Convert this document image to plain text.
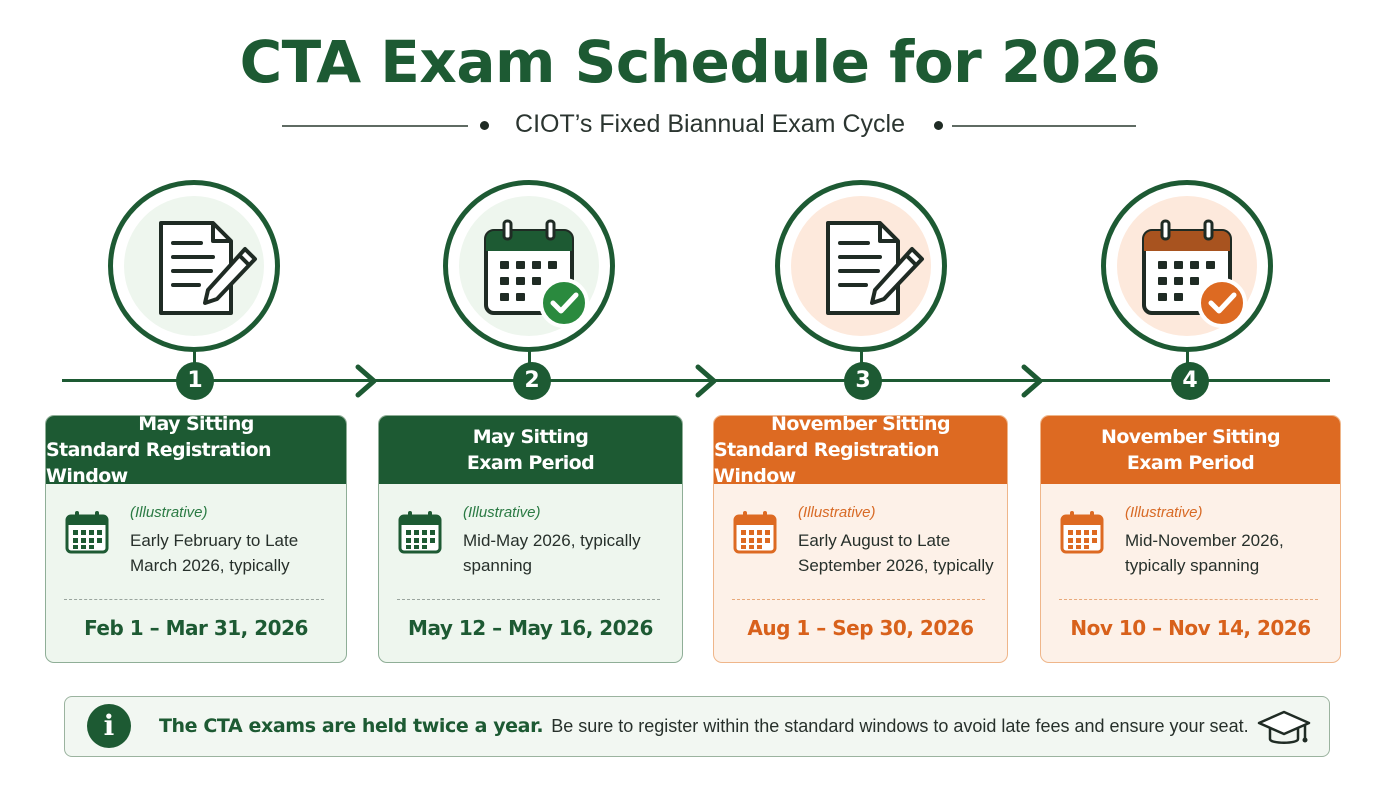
CTA Exam Schedule for 2026
CIOT’s Fixed Biannual Exam Cycle
1	2	3	4
May Sitting
Standard Registration Window
(Illustrative)
Early February to Late March 2026, typically
Feb 1 – Mar 31, 2026
May Sitting
Exam Period
(Illustrative)
Mid-May 2026, typically spanning
May 12 – May 16, 2026
November Sitting
Standard Registration Window
(Illustrative)
Early August to Late September 2026, typically
Aug 1 – Sep 30, 2026
November Sitting
Exam Period
(Illustrative)
Mid-November 2026, typically spanning
Nov 10 – Nov 14, 2026
i	The CTA exams are held twice a year. Be sure to register within the standard windows to avoid late fees and ensure your seat.
